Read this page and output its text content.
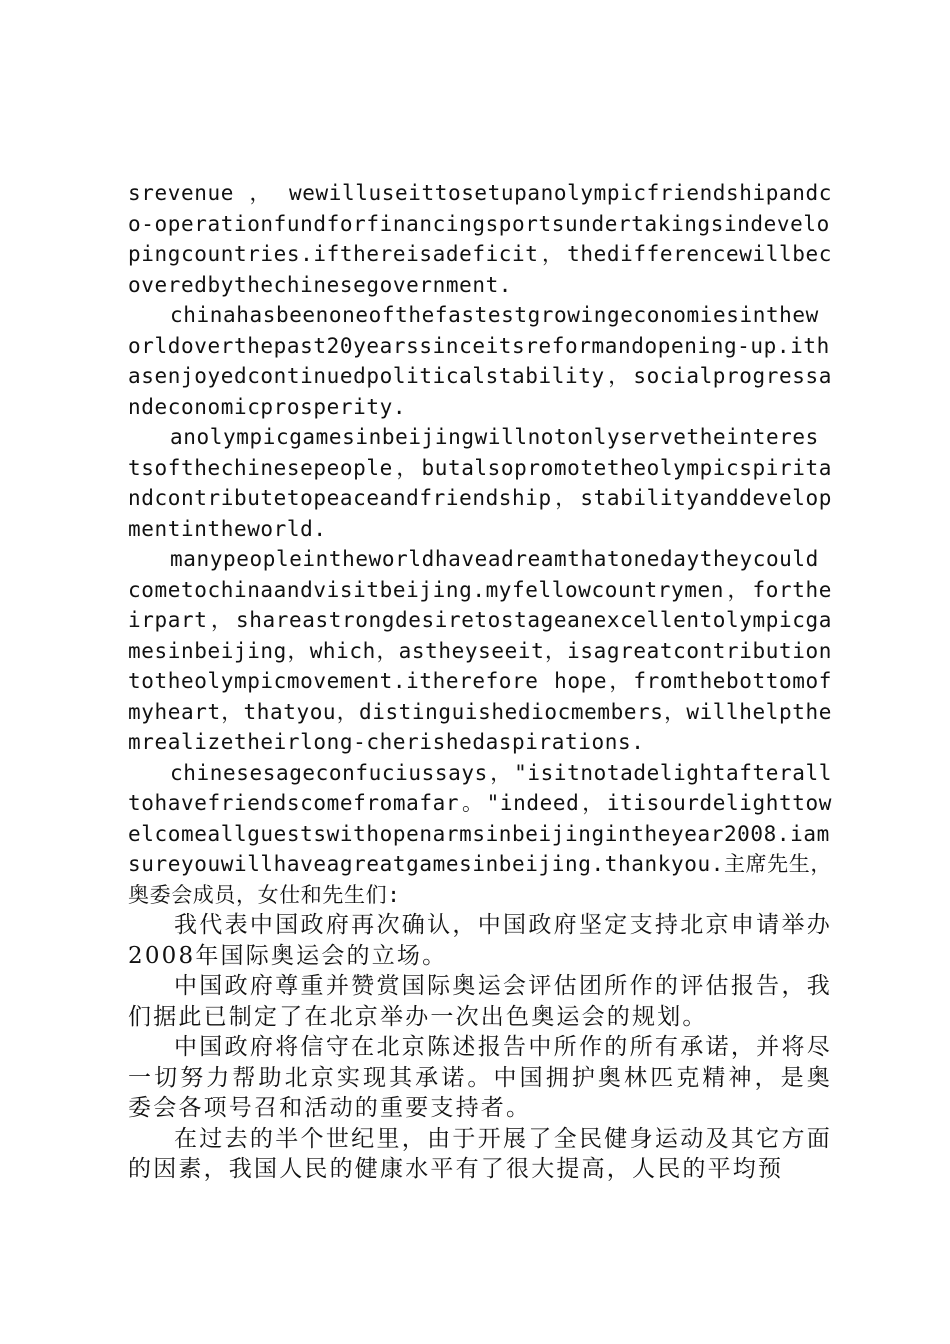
srevenue ， wewilluseittosetupanolympicfriendshipandco-operationfundforfinancingsportsundertakingsindevelopingcountries.ifthereisadeficit，thedifferencewillbecoveredbythechinesegovernment.

chinahasbeenoneofthefastestgrowingeconomiesintheworldoverthepast20yearssinceitsreformandopening-up.ithasenjoyedcontinuedpoliticalstability，socialprogressandeconomicprosperity.

anolympicgamesinbeijingwillnotonlyservetheinterestsofthechinesepeople，butalsopromotetheolympicspiritandcontributetopeaceandfriendship，stabilityanddevelopmentintheworld.

manypeopleintheworldhaveadreamthatonedaytheycouldcometochinaandvisitbeijing.myfellowcountrymen，fortheirpart，shareastrongdesiretostageanexcellentolympicgamesinbeijing，which，astheyseeit，isagreatcontributiontotheolympicmovement.itherefore hope，fromthebottomofmyheart，thatyou，distinguishediocmembers，willhelpthemrealizetheirlong-cherishedaspirations.

chinesesageconfuciussays，"isitnotadelightafteralltohavefriendscomefromafar。"indeed，itisourdelighttowelcomeallguestswithopenarmsinbeijingintheyear2008.iamsureyouwillhaveagreatgamesinbeijing.thankyou.主席先生，奥委会成员，女仕和先生们:

我代表中国政府再次确认，中国政府坚定支持北京申请举办2008年国际奥运会的立场。

中国政府尊重并赞赏国际奥运会评估团所作的评估报告，我们据此已制定了在北京举办一次出色奥运会的规划。

中国政府将信守在北京陈述报告中所作的所有承诺，并将尽一切努力帮助北京实现其承诺。中国拥护奥林匹克精神，是奥委会各项号召和活动的重要支持者。

在过去的半个世纪里，由于开展了全民健身运动及其它方面的因素，我国人民的健康水平有了很大提高，人民的平均预
